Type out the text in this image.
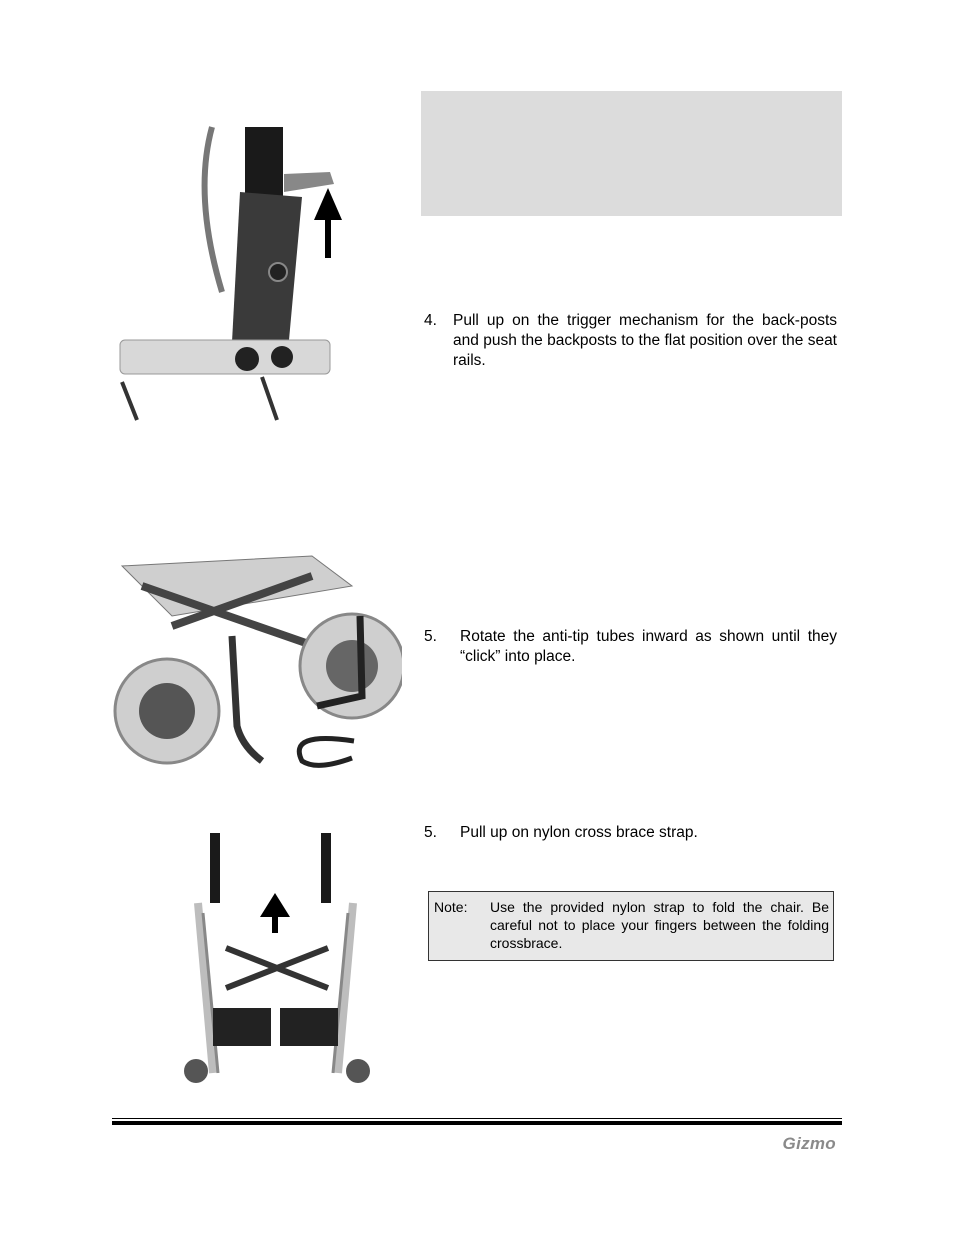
4. Pull up on the trigger mechanism for the back-posts and push the backposts to the flat position over the seat rails.
5. Rotate the anti-tip tubes inward as shown until they “click” into place.
5. Pull up on nylon cross brace strap.
Note: Use the provided nylon strap to fold the chair. Be careful not to place your fingers between the folding crossbrace.
Gizmo
